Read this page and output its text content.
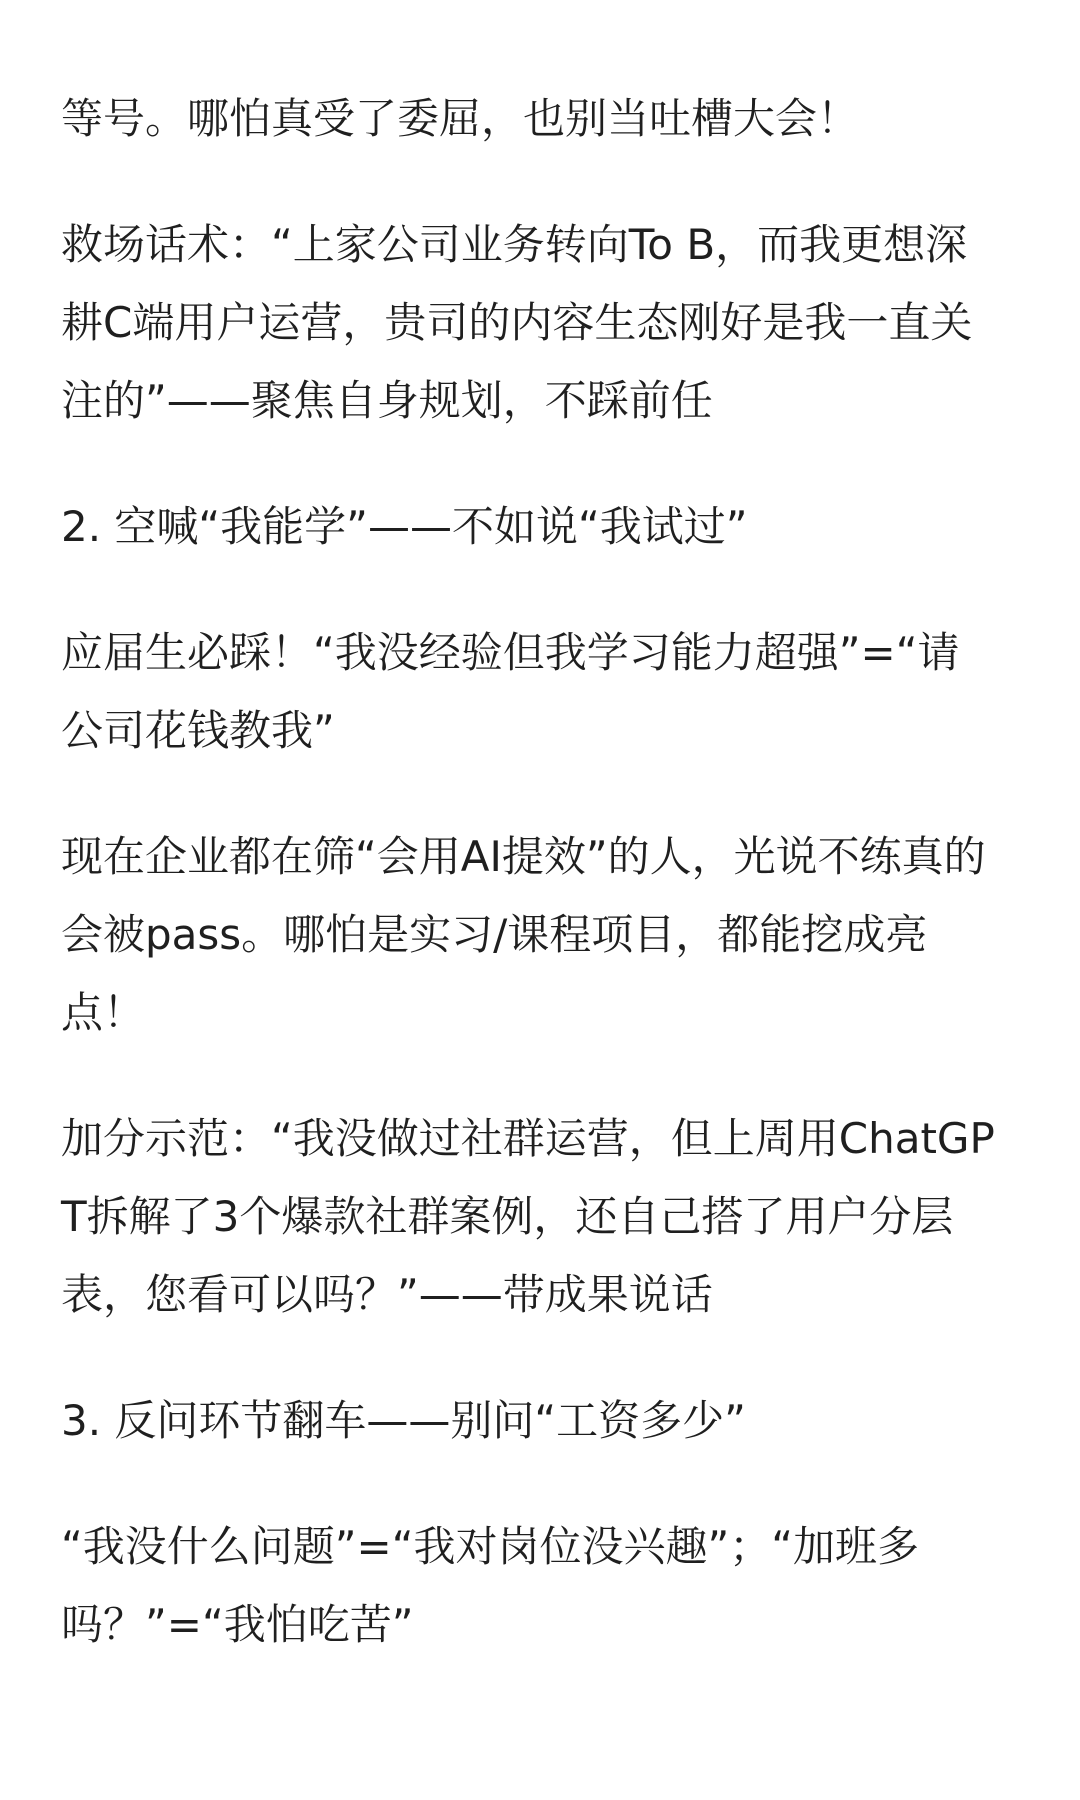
等号。哪怕真受了委屈，也别当吐槽大会！

救场话术：“上家公司业务转向To B，而我更想深
耕C端用户运营，贵司的内容生态刚好是我一直关
注的”——聚焦自身规划，不踩前任

2. 空喊“我能学”——不如说“我试过”

应届生必踩！“我没经验但我学习能力超强”=“请
公司花钱教我”

现在企业都在筛“会用AI提效”的人，光说不练真的
会被pass。哪怕是实习/课程项目，都能挖成亮
点！

加分示范：“我没做过社群运营，但上周用ChatGP
T拆解了3个爆款社群案例，还自己搭了用户分层
表，您看可以吗？”——带成果说话

3. 反问环节翻车——别问“工资多少”

“我没什么问题”=“我对岗位没兴趣”；“加班多
吗？”=“我怕吃苦”
